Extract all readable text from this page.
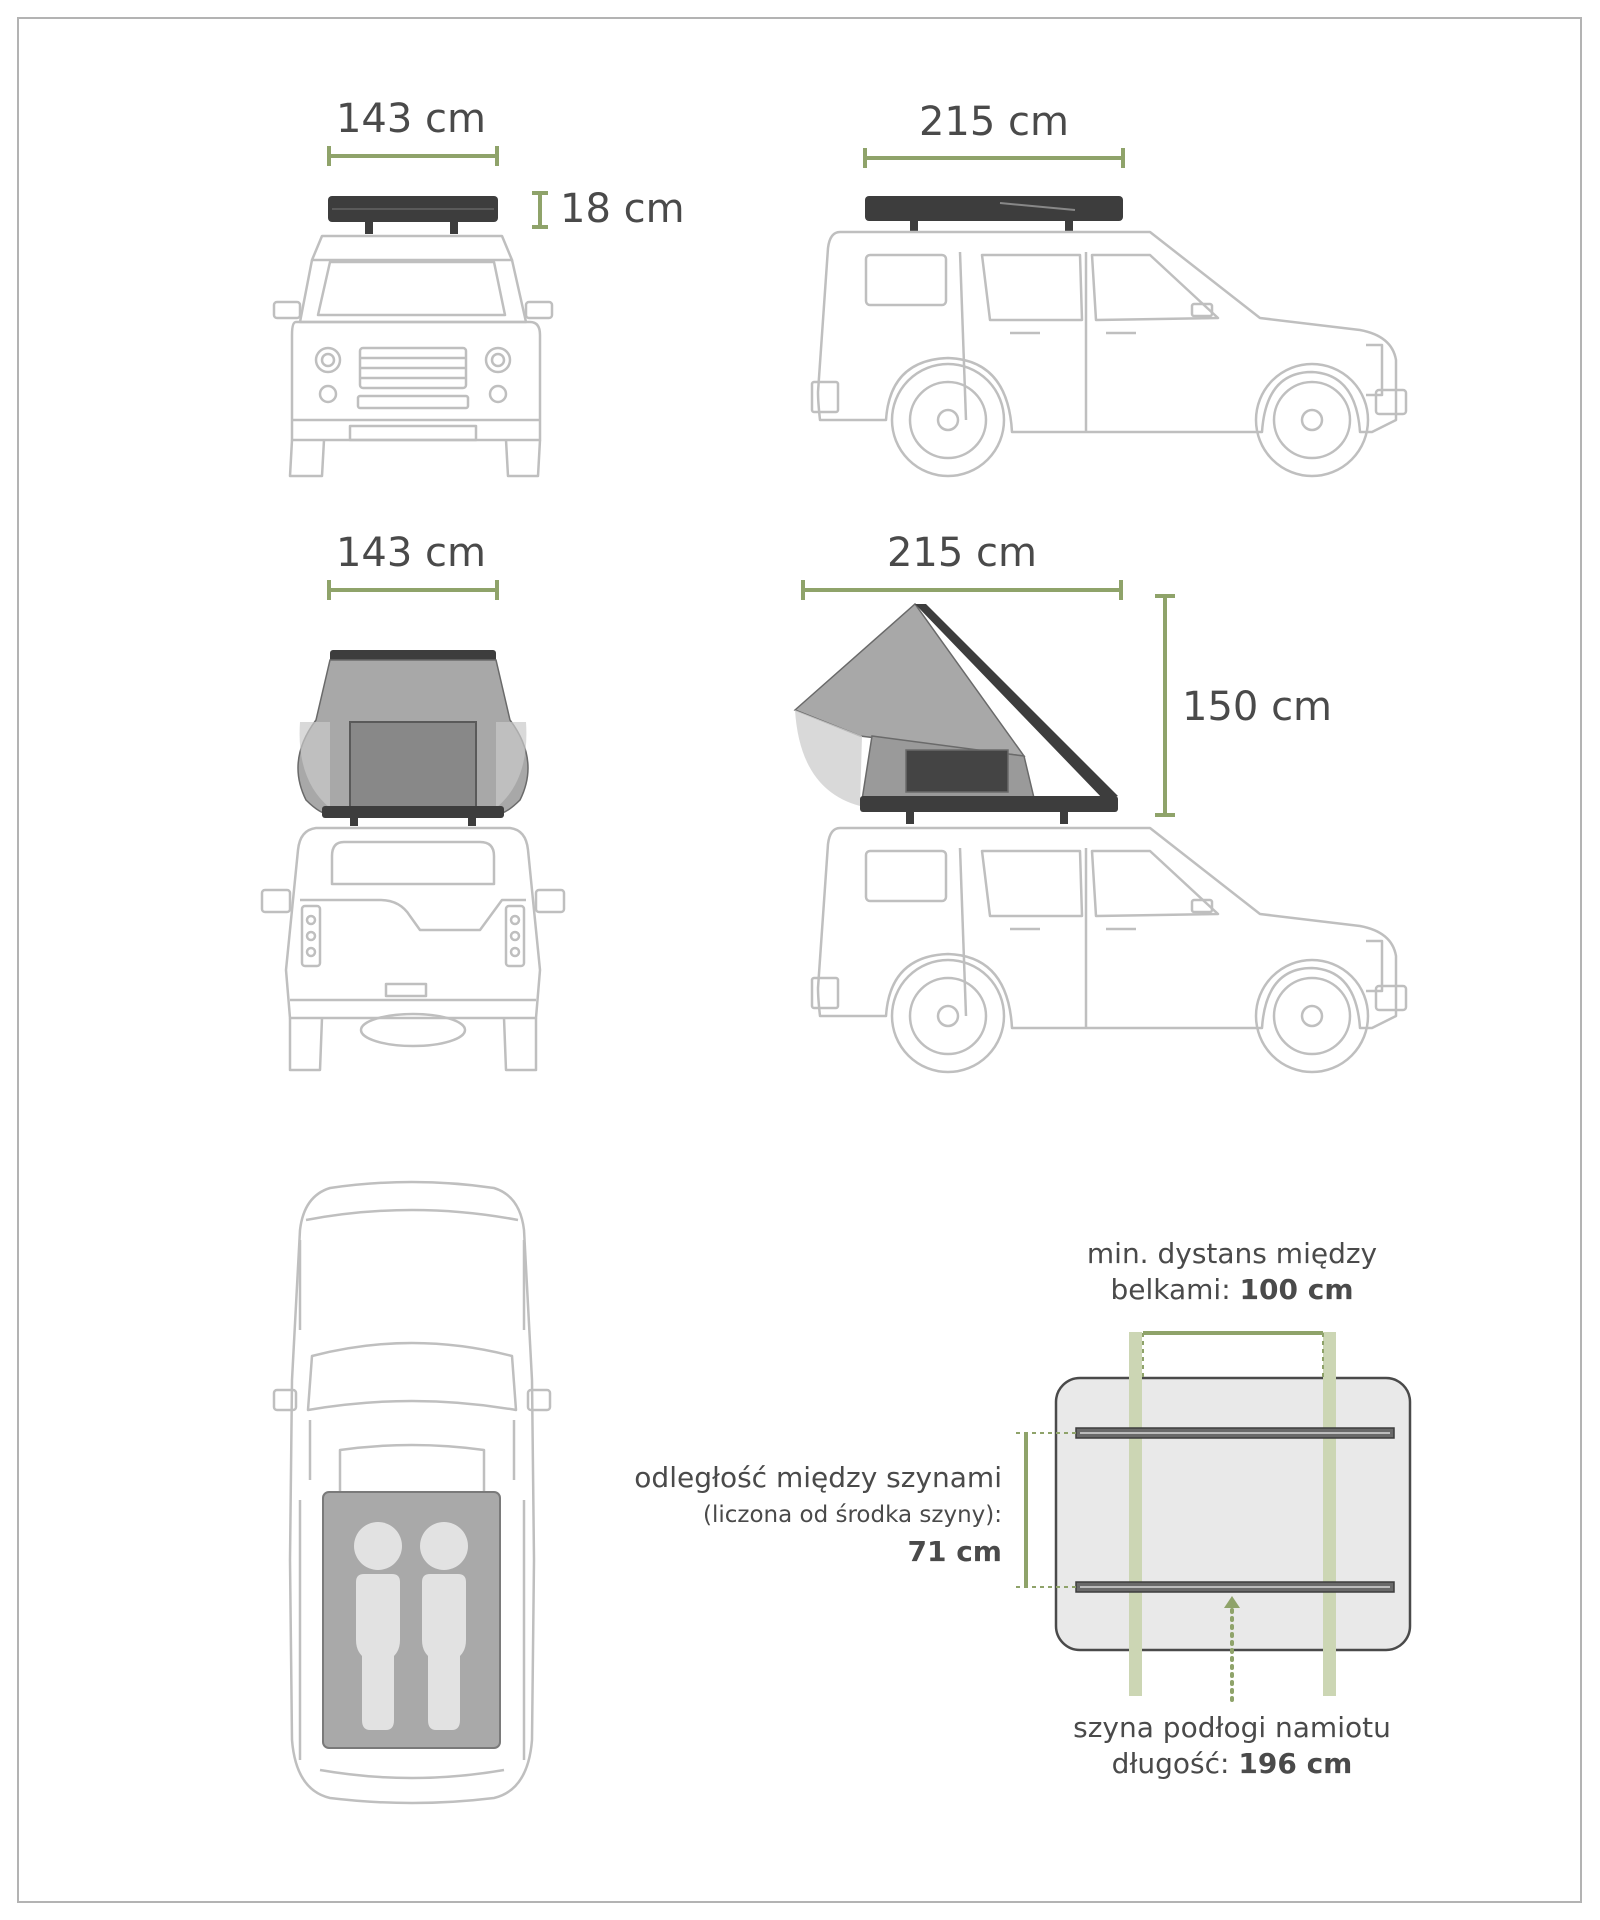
143 cm
18 cm
215 cm
143 cm	215 cm
150 cm
min. dystans między
belkami: 100 cm
odległość między szynami
(liczona od środka szyny):
71 cm
szyna podłogi namiotu
długość: 196 cm
